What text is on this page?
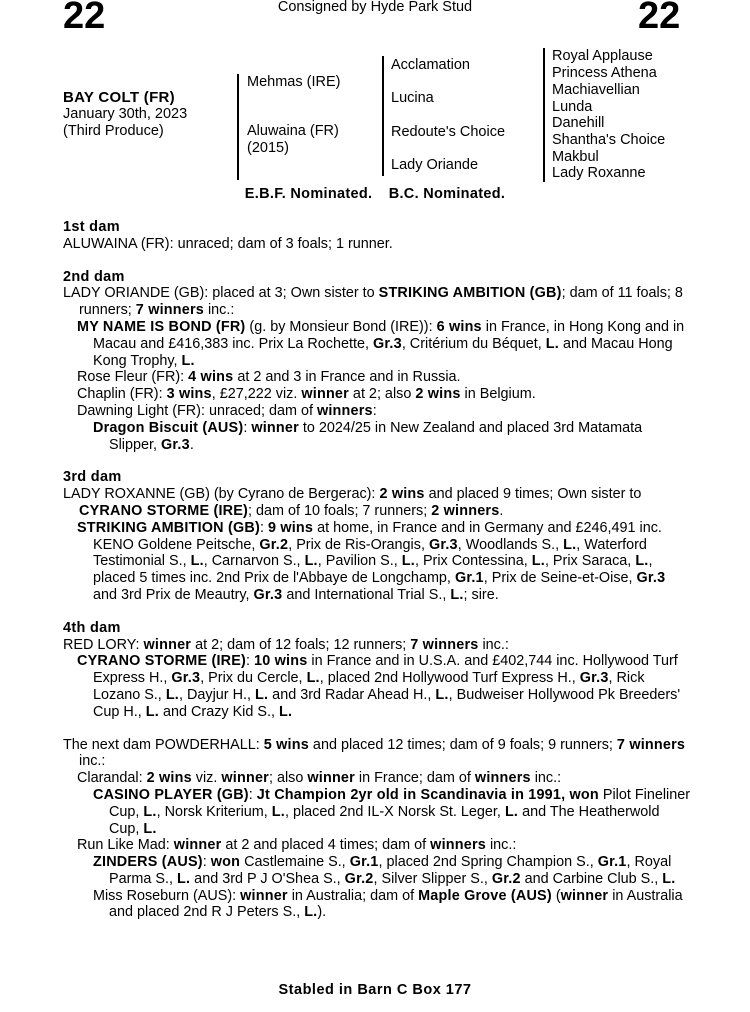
22	Consigned by Hyde Park Stud	22
BAY COLT (FR)
January 30th, 2023
(Third Produce)
Mehmas (IRE)
Aluwaina (FR)
(2015)
Acclamation
Lucina
Redoute's Choice
Lady Oriande
Royal Applause
Princess Athena
Machiavellian
Lunda
Danehill
Shantha's Choice
Makbul
Lady Roxanne
E.B.F. Nominated. B.C. Nominated.
1st dam
ALUWAINA (FR): unraced; dam of 3 foals; 1 runner.
2nd dam
LADY ORIANDE (GB): placed at 3; Own sister to STRIKING AMBITION (GB); dam of 11 foals; 8 runners; 7 winners inc.:
MY NAME IS BOND (FR) (g. by Monsieur Bond (IRE)): 6 wins in France, in Hong Kong and in Macau and £416,383 inc. Prix La Rochette, Gr.3, Critérium du Béquet, L. and Macau Hong Kong Trophy, L.
Rose Fleur (FR): 4 wins at 2 and 3 in France and in Russia.
Chaplin (FR): 3 wins, £27,222 viz. winner at 2; also 2 wins in Belgium.
Dawning Light (FR): unraced; dam of winners:
Dragon Biscuit (AUS): winner to 2024/25 in New Zealand and placed 3rd Matamata Slipper, Gr.3.
3rd dam
LADY ROXANNE (GB) (by Cyrano de Bergerac): 2 wins and placed 9 times; Own sister to CYRANO STORME (IRE); dam of 10 foals; 7 runners; 2 winners.
STRIKING AMBITION (GB): 9 wins at home, in France and in Germany and £246,491 inc. KENO Goldene Peitsche, Gr.2, Prix de Ris-Orangis, Gr.3, Woodlands S., L., Waterford Testimonial S., L., Carnarvon S., L., Pavilion S., L., Prix Contessina, L., Prix Saraca, L., placed 5 times inc. 2nd Prix de l'Abbaye de Longchamp, Gr.1, Prix de Seine-et-Oise, Gr.3 and 3rd Prix de Meautry, Gr.3 and International Trial S., L.; sire.
4th dam
RED LORY: winner at 2; dam of 12 foals; 12 runners; 7 winners inc.:
CYRANO STORME (IRE): 10 wins in France and in U.S.A. and £402,744 inc. Hollywood Turf Express H., Gr.3, Prix du Cercle, L., placed 2nd Hollywood Turf Express H., Gr.3, Rick Lozano S., L., Dayjur H., L. and 3rd Radar Ahead H., L., Budweiser Hollywood Pk Breeders' Cup H., L. and Crazy Kid S., L.
The next dam POWDERHALL: 5 wins and placed 12 times; dam of 9 foals; 9 runners; 7 winners inc.:
Clarandal: 2 wins viz. winner; also winner in France; dam of winners inc.:
CASINO PLAYER (GB): Jt Champion 2yr old in Scandinavia in 1991, won Pilot Fineliner Cup, L., Norsk Kriterium, L., placed 2nd IL-X Norsk St. Leger, L. and The Heatherwold Cup, L.
Run Like Mad: winner at 2 and placed 4 times; dam of winners inc.:
ZINDERS (AUS): won Castlemaine S., Gr.1, placed 2nd Spring Champion S., Gr.1, Royal Parma S., L. and 3rd P J O'Shea S., Gr.2, Silver Slipper S., Gr.2 and Carbine Club S., L.
Miss Roseburn (AUS): winner in Australia; dam of Maple Grove (AUS) (winner in Australia and placed 2nd R J Peters S., L.).
Stabled in Barn C Box 177
